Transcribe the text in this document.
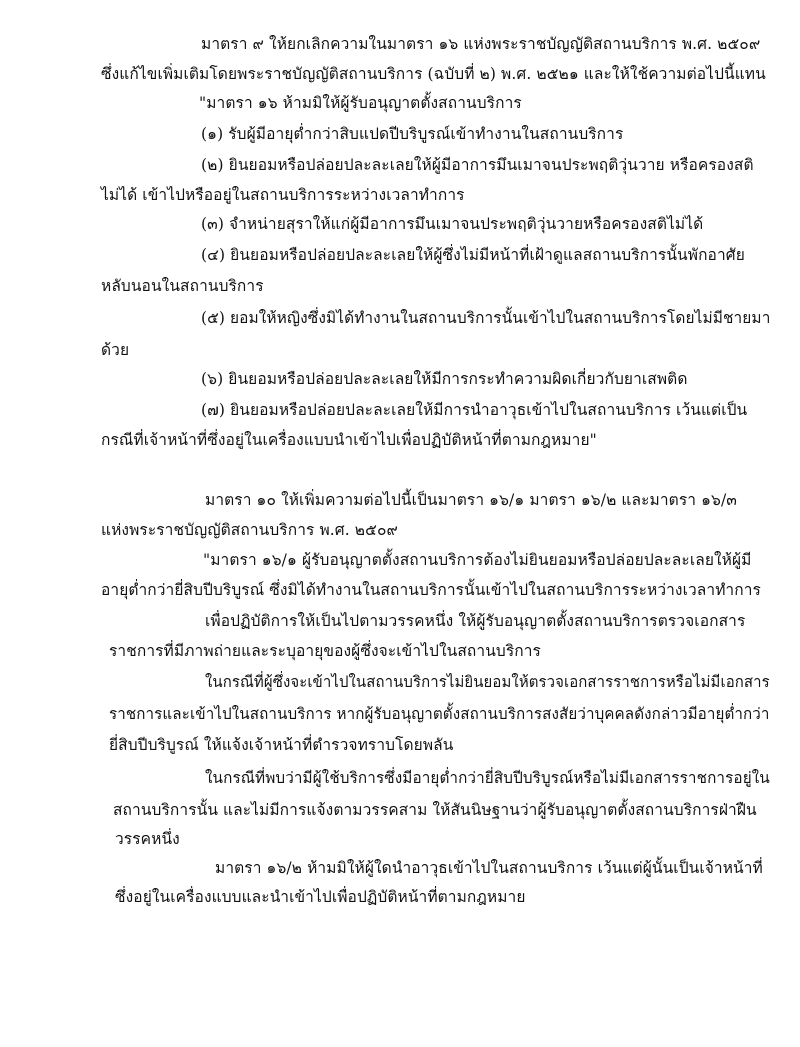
มาตรา ๙ ให้ยกเลิกความในมาตรา ๑๖ แห่งพระราชบัญญัติสถานบริการ พ.ศ. ๒๕๐๙
ซึ่งแก้ไขเพิ่มเติมโดยพระราชบัญญัติสถานบริการ (ฉบับที่ ๒) พ.ศ. ๒๕๒๑ และให้ใช้ความต่อไปนี้แทน
"มาตรา ๑๖ ห้ามมิให้ผู้รับอนุญาตตั้งสถานบริการ
(๑) รับผู้มีอายุต่ำกว่าสิบแปดปีบริบูรณ์เข้าทำงานในสถานบริการ
(๒) ยินยอมหรือปล่อยปละละเลยให้ผู้มีอาการมึนเมาจนประพฤติวุ่นวาย หรือครองสติ
ไม่ได้ เข้าไปหรืออยู่ในสถานบริการระหว่างเวลาทำการ
(๓) จำหน่ายสุราให้แก่ผู้มีอาการมึนเมาจนประพฤติวุ่นวายหรือครองสติไม่ได้
(๔) ยินยอมหรือปล่อยปละละเลยให้ผู้ซึ่งไม่มีหน้าที่เฝ้าดูแลสถานบริการนั้นพักอาศัย
หลับนอนในสถานบริการ
(๕) ยอมให้หญิงซึ่งมิได้ทำงานในสถานบริการนั้นเข้าไปในสถานบริการโดยไม่มีชายมา
ด้วย
(๖) ยินยอมหรือปล่อยปละละเลยให้มีการกระทำความผิดเกี่ยวกับยาเสพติด
(๗) ยินยอมหรือปล่อยปละละเลยให้มีการนำอาวุธเข้าไปในสถานบริการ เว้นแต่เป็น
กรณีที่เจ้าหน้าที่ซึ่งอยู่ในเครื่องแบบนำเข้าไปเพื่อปฏิบัติหน้าที่ตามกฎหมาย"
มาตรา ๑๐ ให้เพิ่มความต่อไปนี้เป็นมาตรา ๑๖/๑ มาตรา ๑๖/๒ และมาตรา ๑๖/๓
แห่งพระราชบัญญัติสถานบริการ พ.ศ. ๒๕๐๙
"มาตรา ๑๖/๑ ผู้รับอนุญาตตั้งสถานบริการต้องไม่ยินยอมหรือปล่อยปละละเลยให้ผู้มี
อายุต่ำกว่ายี่สิบปีบริบูรณ์ ซึ่งมิได้ทำงานในสถานบริการนั้นเข้าไปในสถานบริการระหว่างเวลาทำการ
เพื่อปฏิบัติการให้เป็นไปตามวรรคหนึ่ง ให้ผู้รับอนุญาตตั้งสถานบริการตรวจเอกสาร
ราชการที่มีภาพถ่ายและระบุอายุของผู้ซึ่งจะเข้าไปในสถานบริการ
ในกรณีที่ผู้ซึ่งจะเข้าไปในสถานบริการไม่ยินยอมให้ตรวจเอกสารราชการหรือไม่มีเอกสาร
ราชการและเข้าไปในสถานบริการ หากผู้รับอนุญาตตั้งสถานบริการสงสัยว่าบุคคลดังกล่าวมีอายุต่ำกว่า
ยี่สิบปีบริบูรณ์ ให้แจ้งเจ้าหน้าที่ตำรวจทราบโดยพลัน
ในกรณีที่พบว่ามีผู้ใช้บริการซึ่งมีอายุต่ำกว่ายี่สิบปีบริบูรณ์หรือไม่มีเอกสารราชการอยู่ใน
สถานบริการนั้น และไม่มีการแจ้งตามวรรคสาม ให้สันนิษฐานว่าผู้รับอนุญาตตั้งสถานบริการฝ่าฝืน
วรรคหนึ่ง
มาตรา ๑๖/๒ ห้ามมิให้ผู้ใดนำอาวุธเข้าไปในสถานบริการ เว้นแต่ผู้นั้นเป็นเจ้าหน้าที่
ซึ่งอยู่ในเครื่องแบบและนำเข้าไปเพื่อปฏิบัติหน้าที่ตามกฎหมาย
